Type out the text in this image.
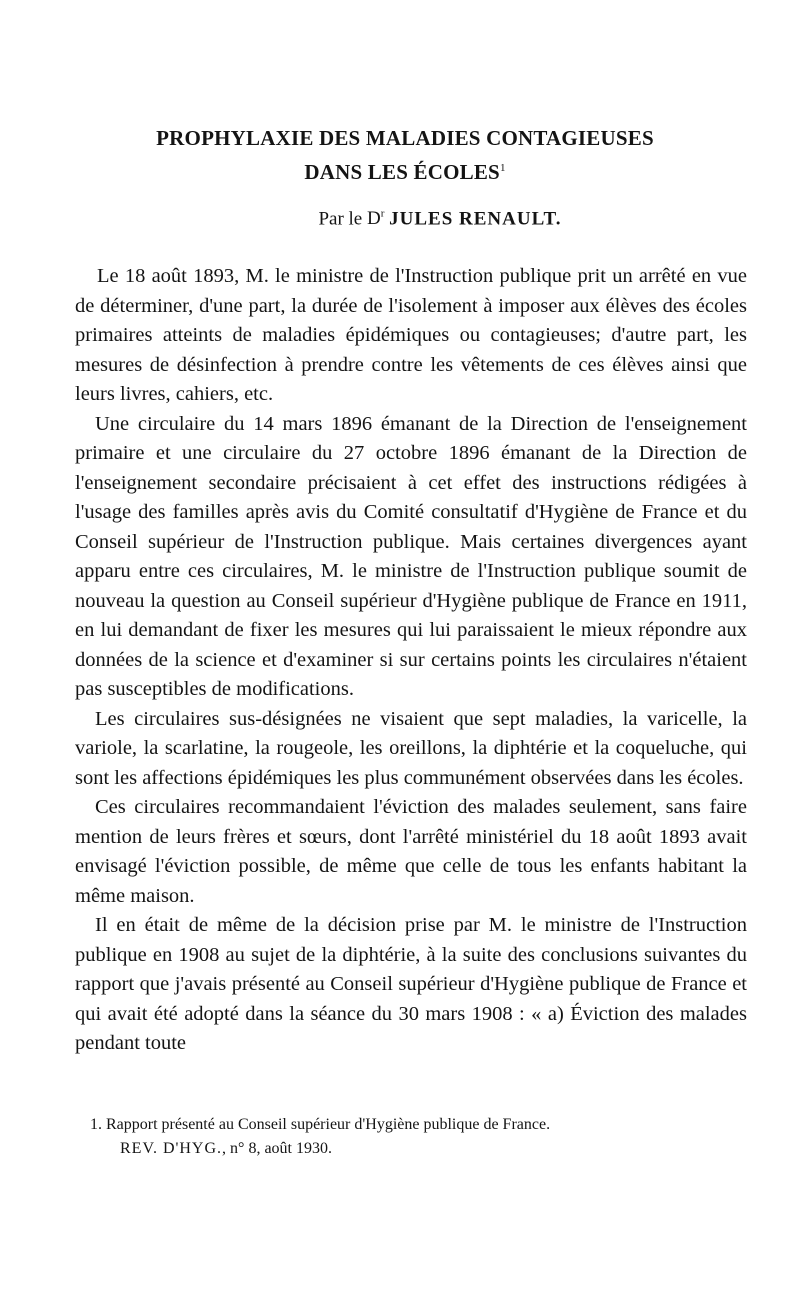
PROPHYLAXIE DES MALADIES CONTAGIEUSES
DANS LES ÉCOLES$^1$
Par le $D^r$ JULES RENAULT.

Le 18 août 1893, M. le ministre de l'Instruction publique prit un arrêté en vue de déterminer, d'une part, la durée de l'isolement à imposer aux élèves des écoles primaires atteints de maladies épidémiques ou contagieuses; d'autre part, les mesures de désinfection à prendre contre les vêtements de ces élèves ainsi que leurs livres, cahiers, etc.

Une circulaire du 14 mars 1896 émanant de la Direction de l'enseignement primaire et une circulaire du 27 octobre 1896 émanant de la Direction de l'enseignement secondaire précisaient à cet effet des instructions rédigées à l'usage des familles après avis du Comité consultatif d'Hygiène de France et du Conseil supérieur de l'Instruction publique. Mais certaines divergences ayant apparu entre ces circulaires, M. le ministre de l'Instruction publique soumit de nouveau la question au Conseil supérieur d'Hygiène publique de France en 1911, en lui demandant de fixer les mesures qui lui paraissaient le mieux répondre aux données de la science et d'examiner si sur certains points les circulaires n'étaient pas susceptibles de modifications.

Les circulaires sus-désignées ne visaient que sept maladies, la varicelle, la variole, la scarlatine, la rougeole, les oreillons, la diphtérie et la coqueluche, qui sont les affections épidémiques les plus communément observées dans les écoles.

Ces circulaires recommandaient l'éviction des malades seulement, sans faire mention de leurs frères et sœurs, dont l'arrêté ministériel du 18 août 1893 avait envisagé l'éviction possible, de même que celle de tous les enfants habitant la même maison.

Il en était de même de la décision prise par M. le ministre de l'Instruction publique en 1908 au sujet de la diphtérie, à la suite des conclusions suivantes du rapport que j'avais présenté au Conseil supérieur d'Hygiène publique de France et qui avait été adopté dans la séance du 30 mars 1908 : « a) Éviction des malades pendant toute

1. Rapport présenté au Conseil supérieur d'Hygiène publique de France.
REV. D'HYG., n° 8, août 1930.
